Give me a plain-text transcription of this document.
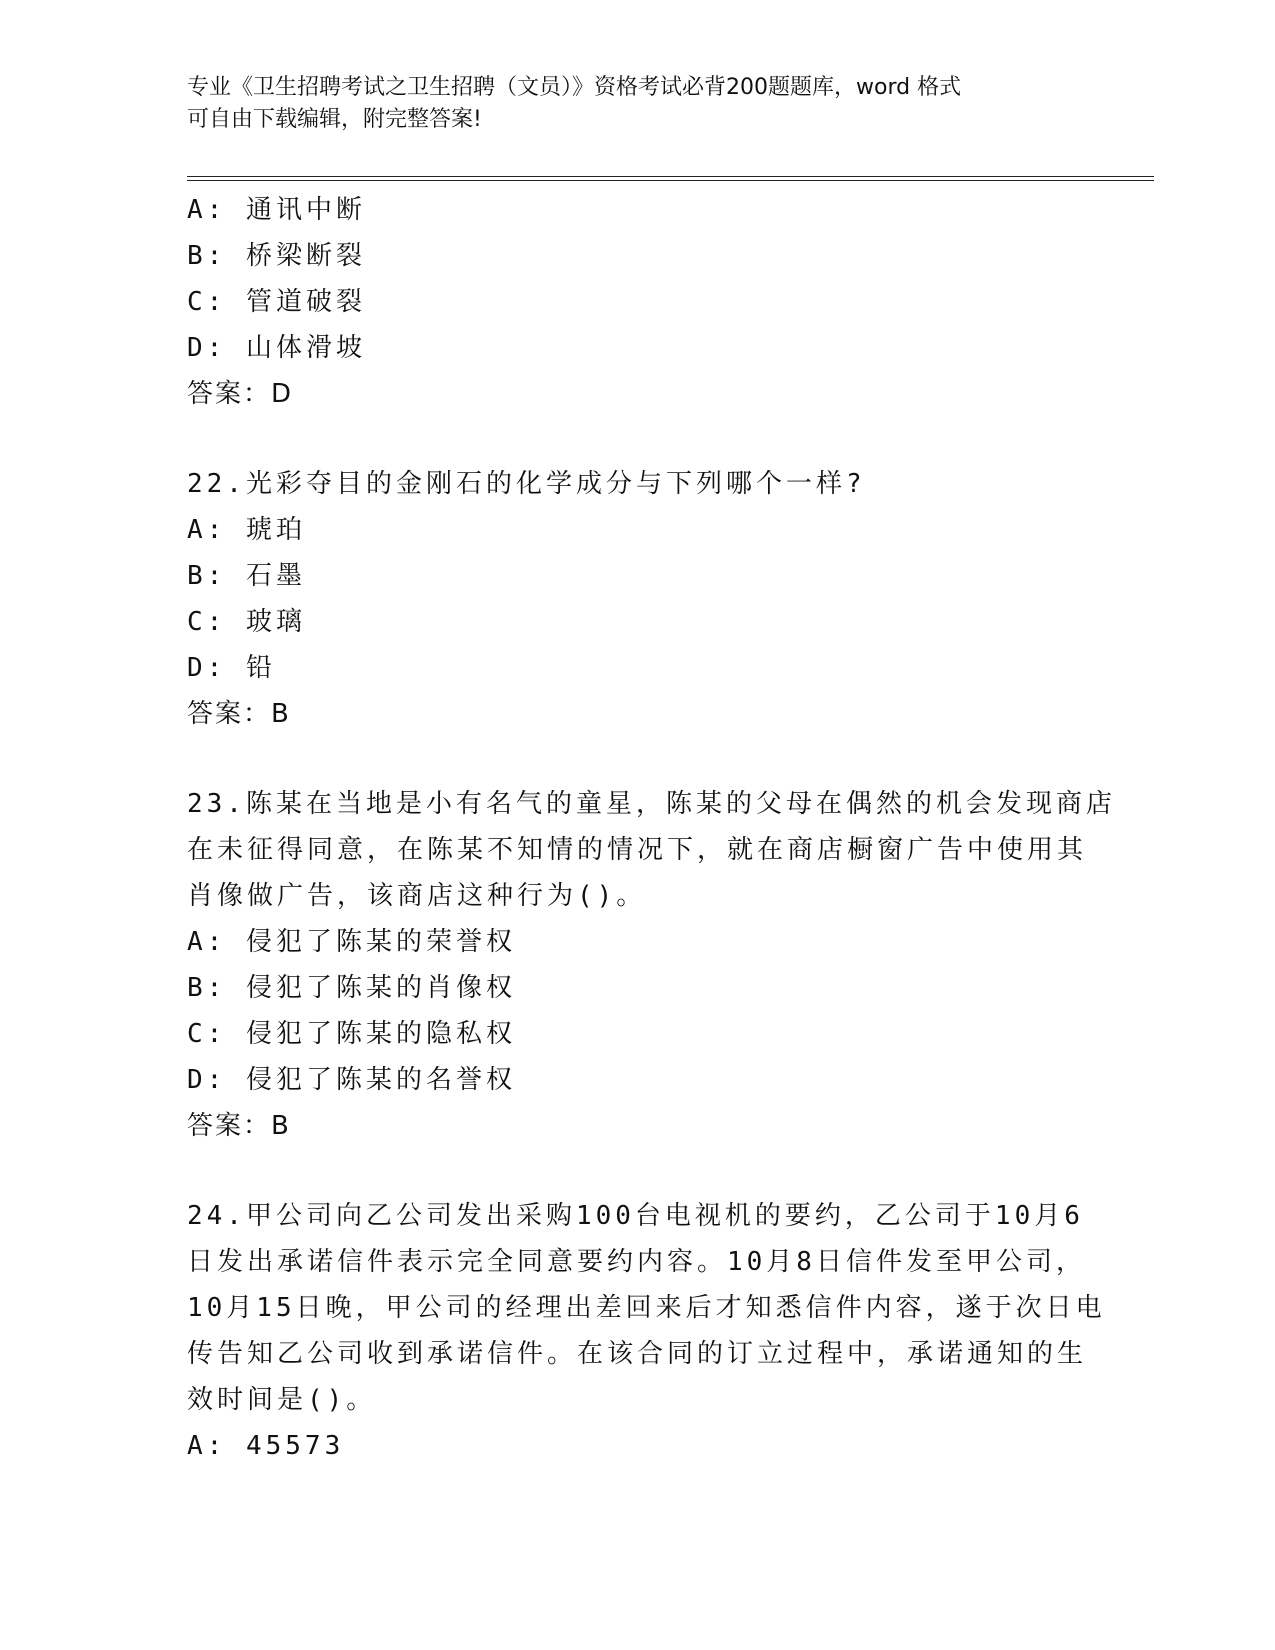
专业《卫生招聘考试之卫生招聘（文员）》资格考试必背200题题库，word 格式
可自由下载编辑，附完整答案!
A: 通讯中断
B: 桥梁断裂
C: 管道破裂
D: 山体滑坡
答案：D
22.光彩夺目的金刚石的化学成分与下列哪个一样?
A: 琥珀
B: 石墨
C: 玻璃
D: 铅
答案：B
23.陈某在当地是小有名气的童星，陈某的父母在偶然的机会发现商店
在未征得同意，在陈某不知情的情况下，就在商店橱窗广告中使用其
肖像做广告，该商店这种行为()。
A: 侵犯了陈某的荣誉权
B: 侵犯了陈某的肖像权
C: 侵犯了陈某的隐私权
D: 侵犯了陈某的名誉权
答案：B
24.甲公司向乙公司发出采购100台电视机的要约，乙公司于10月6
日发出承诺信件表示完全同意要约内容。10月8日信件发至甲公司，
10月15日晚，甲公司的经理出差回来后才知悉信件内容，遂于次日电
传告知乙公司收到承诺信件。在该合同的订立过程中，承诺通知的生
效时间是()。
A: 45573
